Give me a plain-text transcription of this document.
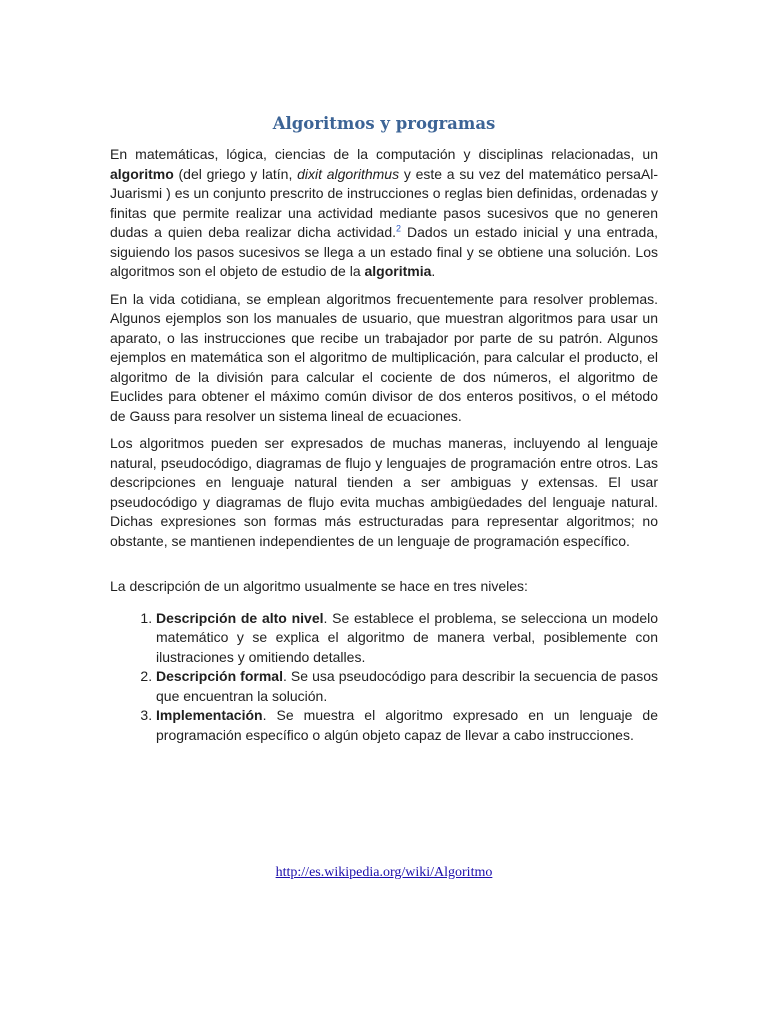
Algoritmos y programas

En matemáticas, lógica, ciencias de la computación y disciplinas relacionadas, un algoritmo (del griego y latín, dixit algorithmus y este a su vez del matemático persaAl-Juarismi ) es un conjunto prescrito de instrucciones o reglas bien definidas, ordenadas y finitas que permite realizar una actividad mediante pasos sucesivos que no generen dudas a quien deba realizar dicha actividad.$^2$ Dados un estado inicial y una entrada, siguiendo los pasos sucesivos se llega a un estado final y se obtiene una solución. Los algoritmos son el objeto de estudio de la algoritmia.

En la vida cotidiana, se emplean algoritmos frecuentemente para resolver problemas. Algunos ejemplos son los manuales de usuario, que muestran algoritmos para usar un aparato, o las instrucciones que recibe un trabajador por parte de su patrón. Algunos ejemplos en matemática son el algoritmo de multiplicación, para calcular el producto, el algoritmo de la división para calcular el cociente de dos números, el algoritmo de Euclides para obtener el máximo común divisor de dos enteros positivos, o el método de Gauss para resolver un sistema lineal de ecuaciones.

Los algoritmos pueden ser expresados de muchas maneras, incluyendo al lenguaje natural, pseudocódigo, diagramas de flujo y lenguajes de programación entre otros. Las descripciones en lenguaje natural tienden a ser ambiguas y extensas. El usar pseudocódigo y diagramas de flujo evita muchas ambigüedades del lenguaje natural. Dichas expresiones son formas más estructuradas para representar algoritmos; no obstante, se mantienen independientes de un lenguaje de programación específico.

La descripción de un algoritmo usualmente se hace en tres niveles:

1. Descripción de alto nivel. Se establece el problema, se selecciona un modelo matemático y se explica el algoritmo de manera verbal, posiblemente con ilustraciones y omitiendo detalles.
2. Descripción formal. Se usa pseudocódigo para describir la secuencia de pasos que encuentran la solución.
3. Implementación. Se muestra el algoritmo expresado en un lenguaje de programación específico o algún objeto capaz de llevar a cabo instrucciones.
http://es.wikipedia.org/wiki/Algoritmo
